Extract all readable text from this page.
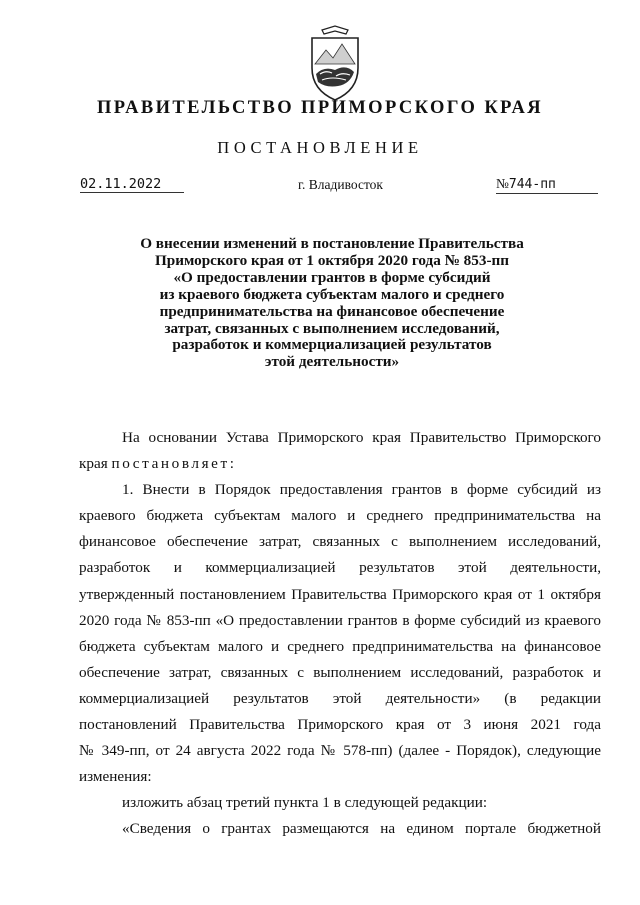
ПРАВИТЕЛЬСТВО ПРИМОРСКОГО КРАЯ
ПОСТАНОВЛЕНИЕ
02.11.2022	г. Владивосток	№744-пп
О внесении изменений в постановление Правительства
Приморского края от 1 октября 2020 года № 853-пп
«О предоставлении грантов в форме субсидий
из краевого бюджета субъектам малого и среднего
предпринимательства на финансовое обеспечение
затрат, связанных с выполнением исследований,
разработок и коммерциализацией результатов
этой деятельности»
На основании Устава Приморского края Правительство Приморского
края постановляет:
1. Внести в Порядок предоставления грантов в форме субсидий из
краевого бюджета субъектам малого и среднего предпринимательства на
финансовое обеспечение затрат, связанных с выполнением исследований,
разработок и коммерциализацией результатов этой деятельности,
утвержденный постановлением Правительства Приморского края от 1 октября
2020 года № 853-пп «О предоставлении грантов в форме субсидий из краевого
бюджета субъектам малого и среднего предпринимательства на финансовое
обеспечение затрат, связанных с выполнением исследований, разработок и
коммерциализацией результатов этой деятельности» (в редакции
постановлений Правительства Приморского края от 3 июня 2021 года
№ 349-пп, от 24 августа 2022 года № 578-пп) (далее - Порядок), следующие
изменения:
изложить абзац третий пункта 1 в следующей редакции:
«Сведения о грантах размещаются на едином портале бюджетной
